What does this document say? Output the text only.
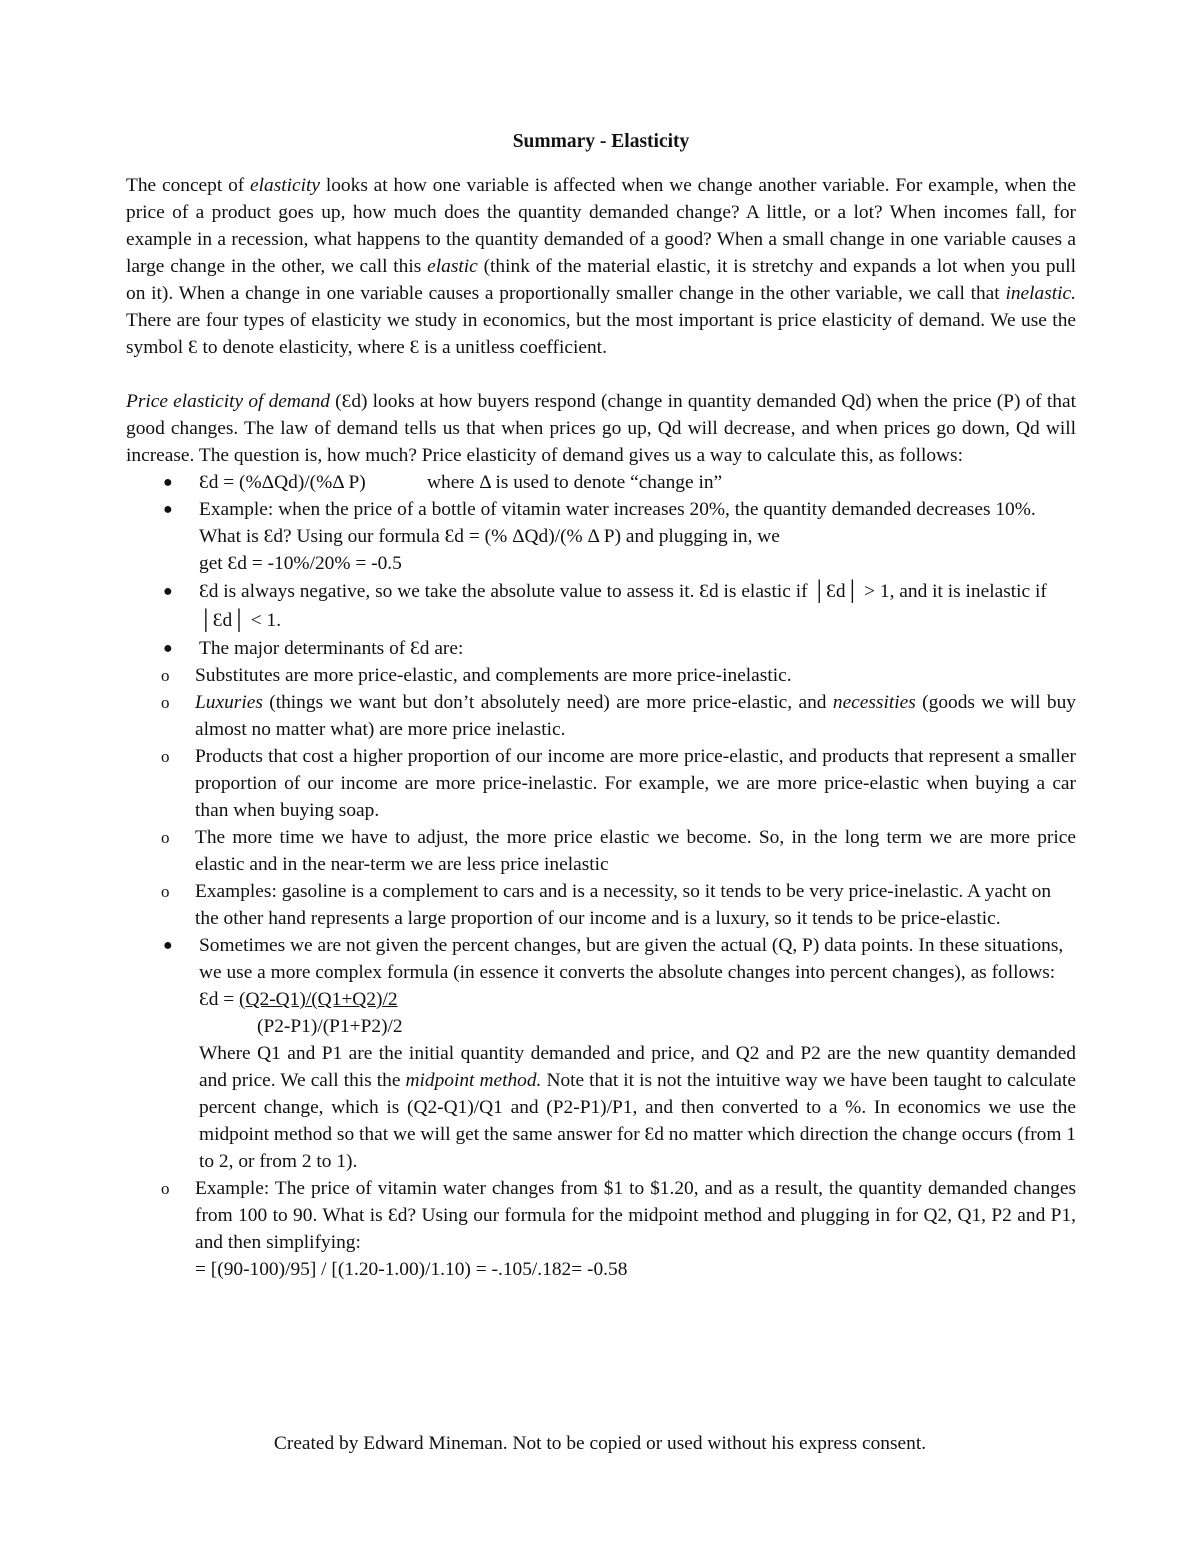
Summary - Elasticity

The concept of elasticity looks at how one variable is affected when we change another variable. For example, when the price of a product goes up, how much does the quantity demanded change? A little, or a lot? When incomes fall, for example in a recession, what happens to the quantity demanded of a good? When a small change in one variable causes a large change in the other, we call this elastic (think of the material elastic, it is stretchy and expands a lot when you pull on it). When a change in one variable causes a proportionally smaller change in the other variable, we call that inelastic. There are four types of elasticity we study in economics, but the most important is price elasticity of demand. We use the symbol Ɛ to denote elasticity, where Ɛ is a unitless coefficient.

Price elasticity of demand (Ɛd) looks at how buyers respond (change in quantity demanded Qd) when the price (P) of that good changes. The law of demand tells us that when prices go up, Qd will decrease, and when prices go down, Qd will increase. The question is, how much? Price elasticity of demand gives us a way to calculate this, as follows:

● Ɛd = (%ΔQd)/(%Δ P)	where Δ is used to denote “change in”
● Example: when the price of a bottle of vitamin water increases 20%, the quantity demanded decreases 10%. What is Ɛd? Using our formula Ɛd = (% ΔQd)/(% Δ P) and plugging in, we
get Ɛd = -10%/20% = -0.5
● Ɛd is always negative, so we take the absolute value to assess it. Ɛd is elastic if │Ɛd│ > 1, and it is inelastic if │Ɛd│ < 1.
● The major determinants of Ɛd are:
o Substitutes are more price-elastic, and complements are more price-inelastic.
o Luxuries (things we want but don’t absolutely need) are more price-elastic, and necessities (goods we will buy almost no matter what) are more price inelastic.
o Products that cost a higher proportion of our income are more price-elastic, and products that represent a smaller proportion of our income are more price-inelastic. For example, we are more price-elastic when buying a car than when buying soap.
o The more time we have to adjust, the more price elastic we become. So, in the long term we are more price elastic and in the near-term we are less price inelastic
o Examples: gasoline is a complement to cars and is a necessity, so it tends to be very price-inelastic. A yacht on the other hand represents a large proportion of our income and is a luxury, so it tends to be price-elastic.
● Sometimes we are not given the percent changes, but are given the actual (Q, P) data points. In these situations, we use a more complex formula (in essence it converts the absolute changes into percent changes), as follows:
Ɛd = (Q2-Q1)/(Q1+Q2)/2
(P2-P1)/(P1+P2)/2
Where Q1 and P1 are the initial quantity demanded and price, and Q2 and P2 are the new quantity demanded and price. We call this the midpoint method. Note that it is not the intuitive way we have been taught to calculate percent change, which is (Q2-Q1)/Q1 and (P2-P1)/P1, and then converted to a %. In economics we use the midpoint method so that we will get the same answer for Ɛd no matter which direction the change occurs (from 1 to 2, or from 2 to 1).
o Example: The price of vitamin water changes from $1 to $1.20, and as a result, the quantity demanded changes from 100 to 90. What is Ɛd? Using our formula for the midpoint method and plugging in for Q2, Q1, P2 and P1, and then simplifying:
= [(90-100)/95] / [(1.20-1.00)/1.10) = -.105/.182= -0.58
Created by Edward Mineman. Not to be copied or used without his express consent.
